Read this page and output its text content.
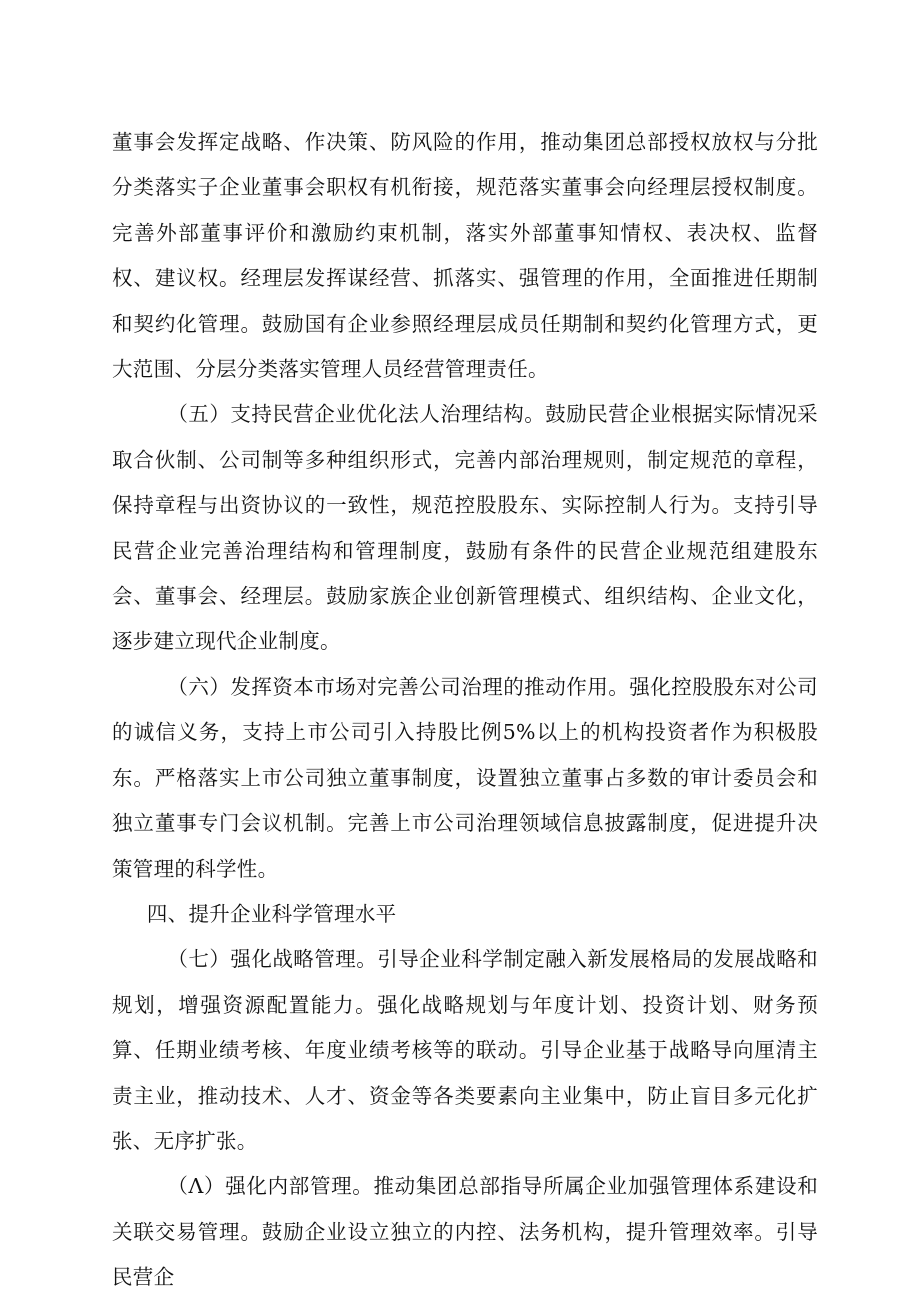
董事会发挥定战略、作决策、防风险的作用，推动集团总部授权放权与分批分类落实子企业董事会职权有机衔接，规范落实董事会向经理层授权制度。完善外部董事评价和激励约束机制，落实外部董事知情权、表决权、监督权、建议权。经理层发挥谋经营、抓落实、强管理的作用，全面推进任期制和契约化管理。鼓励国有企业参照经理层成员任期制和契约化管理方式，更大范围、分层分类落实管理人员经营管理责任。

（五）支持民营企业优化法人治理结构。鼓励民营企业根据实际情况采取合伙制、公司制等多种组织形式，完善内部治理规则，制定规范的章程，保持章程与出资协议的一致性，规范控股股东、实际控制人行为。支持引导民营企业完善治理结构和管理制度，鼓励有条件的民营企业规范组建股东会、董事会、经理层。鼓励家族企业创新管理模式、组织结构、企业文化，逐步建立现代企业制度。

（六）发挥资本市场对完善公司治理的推动作用。强化控股股东对公司的诚信义务，支持上市公司引入持股比例5%以上的机构投资者作为积极股东。严格落实上市公司独立董事制度，设置独立董事占多数的审计委员会和独立董事专门会议机制。完善上市公司治理领域信息披露制度，促进提升决策管理的科学性。

四、提升企业科学管理水平

（七）强化战略管理。引导企业科学制定融入新发展格局的发展战略和规划，增强资源配置能力。强化战略规划与年度计划、投资计划、财务预算、任期业绩考核、年度业绩考核等的联动。引导企业基于战略导向厘清主责主业，推动技术、人才、资金等各类要素向主业集中，防止盲目多元化扩张、无序扩张。

（Λ）强化内部管理。推动集团总部指导所属企业加强管理体系建设和关联交易管理。鼓励企业设立独立的内控、法务机构，提升管理效率。引导民营企
